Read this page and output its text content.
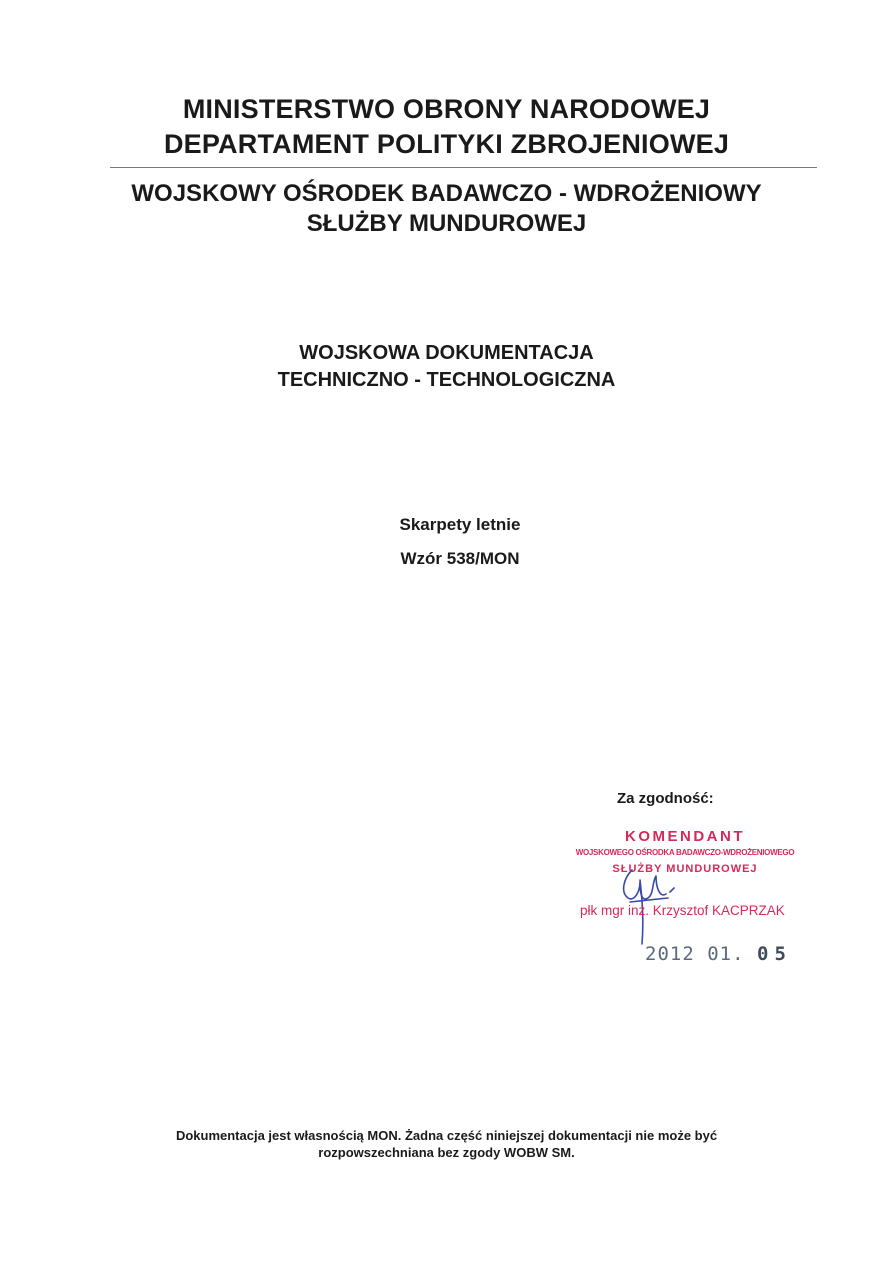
MINISTERSTWO OBRONY NARODOWEJ
DEPARTAMENT POLITYKI ZBROJENIOWEJ
WOJSKOWY OŚRODEK BADAWCZO - WDROŻENIOWY
SŁUŻBY MUNDUROWEJ
WOJSKOWA DOKUMENTACJA
TECHNICZNO - TECHNOLOGICZNA
Skarpety letnie
Wzór 538/MON
Za zgodność:
KOMENDANT
WOJSKOWEGO OŚRODKA BADAWCZO-WDROŻENIOWEGO
SŁUŻBY MUNDUROWEJ
płk mgr inż. Krzysztof KACPRZAK
2012 01. 05
Dokumentacja jest własnością MON. Żadna część niniejszej dokumentacji nie może być
rozpowszechniana bez zgody WOBW SM.
